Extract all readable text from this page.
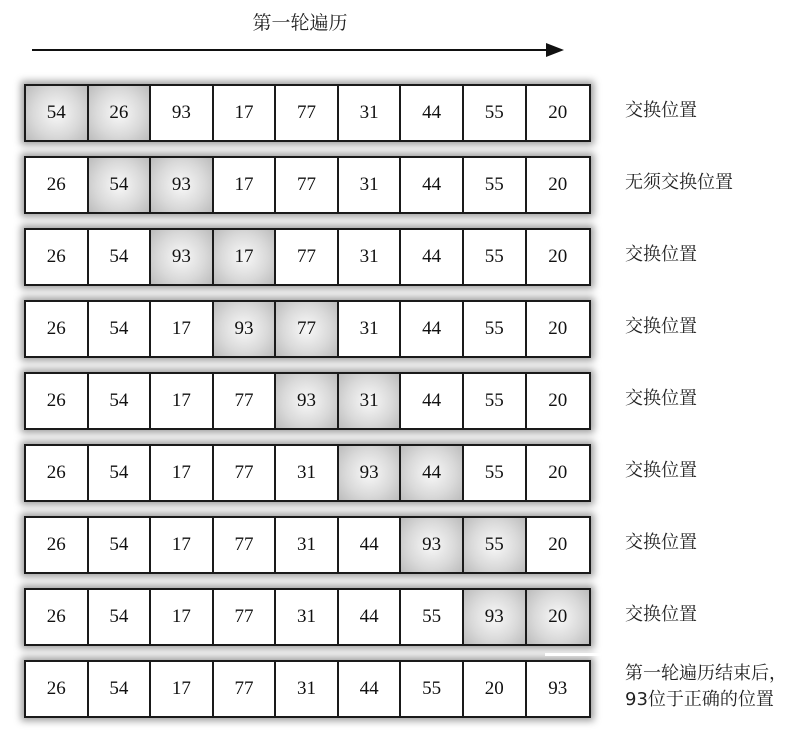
第一轮遍历
54	26	93	17	77	31	44	55	20	交换位置
26	54	93	17	77	31	44	55	20	无须交换位置
26	54	93	17	77	31	44	55	20	交换位置
26	54	17	93	77	31	44	55	20	交换位置
26	54	17	77	93	31	44	55	20	交换位置
26	54	17	77	31	93	44	55	20	交换位置
26	54	17	77	31	44	93	55	20	交换位置
26	54	17	77	31	44	55	93	20	交换位置
26	54	17	77	31	44	55	20	93
第一轮遍历结束后，
93位于正确的位置
